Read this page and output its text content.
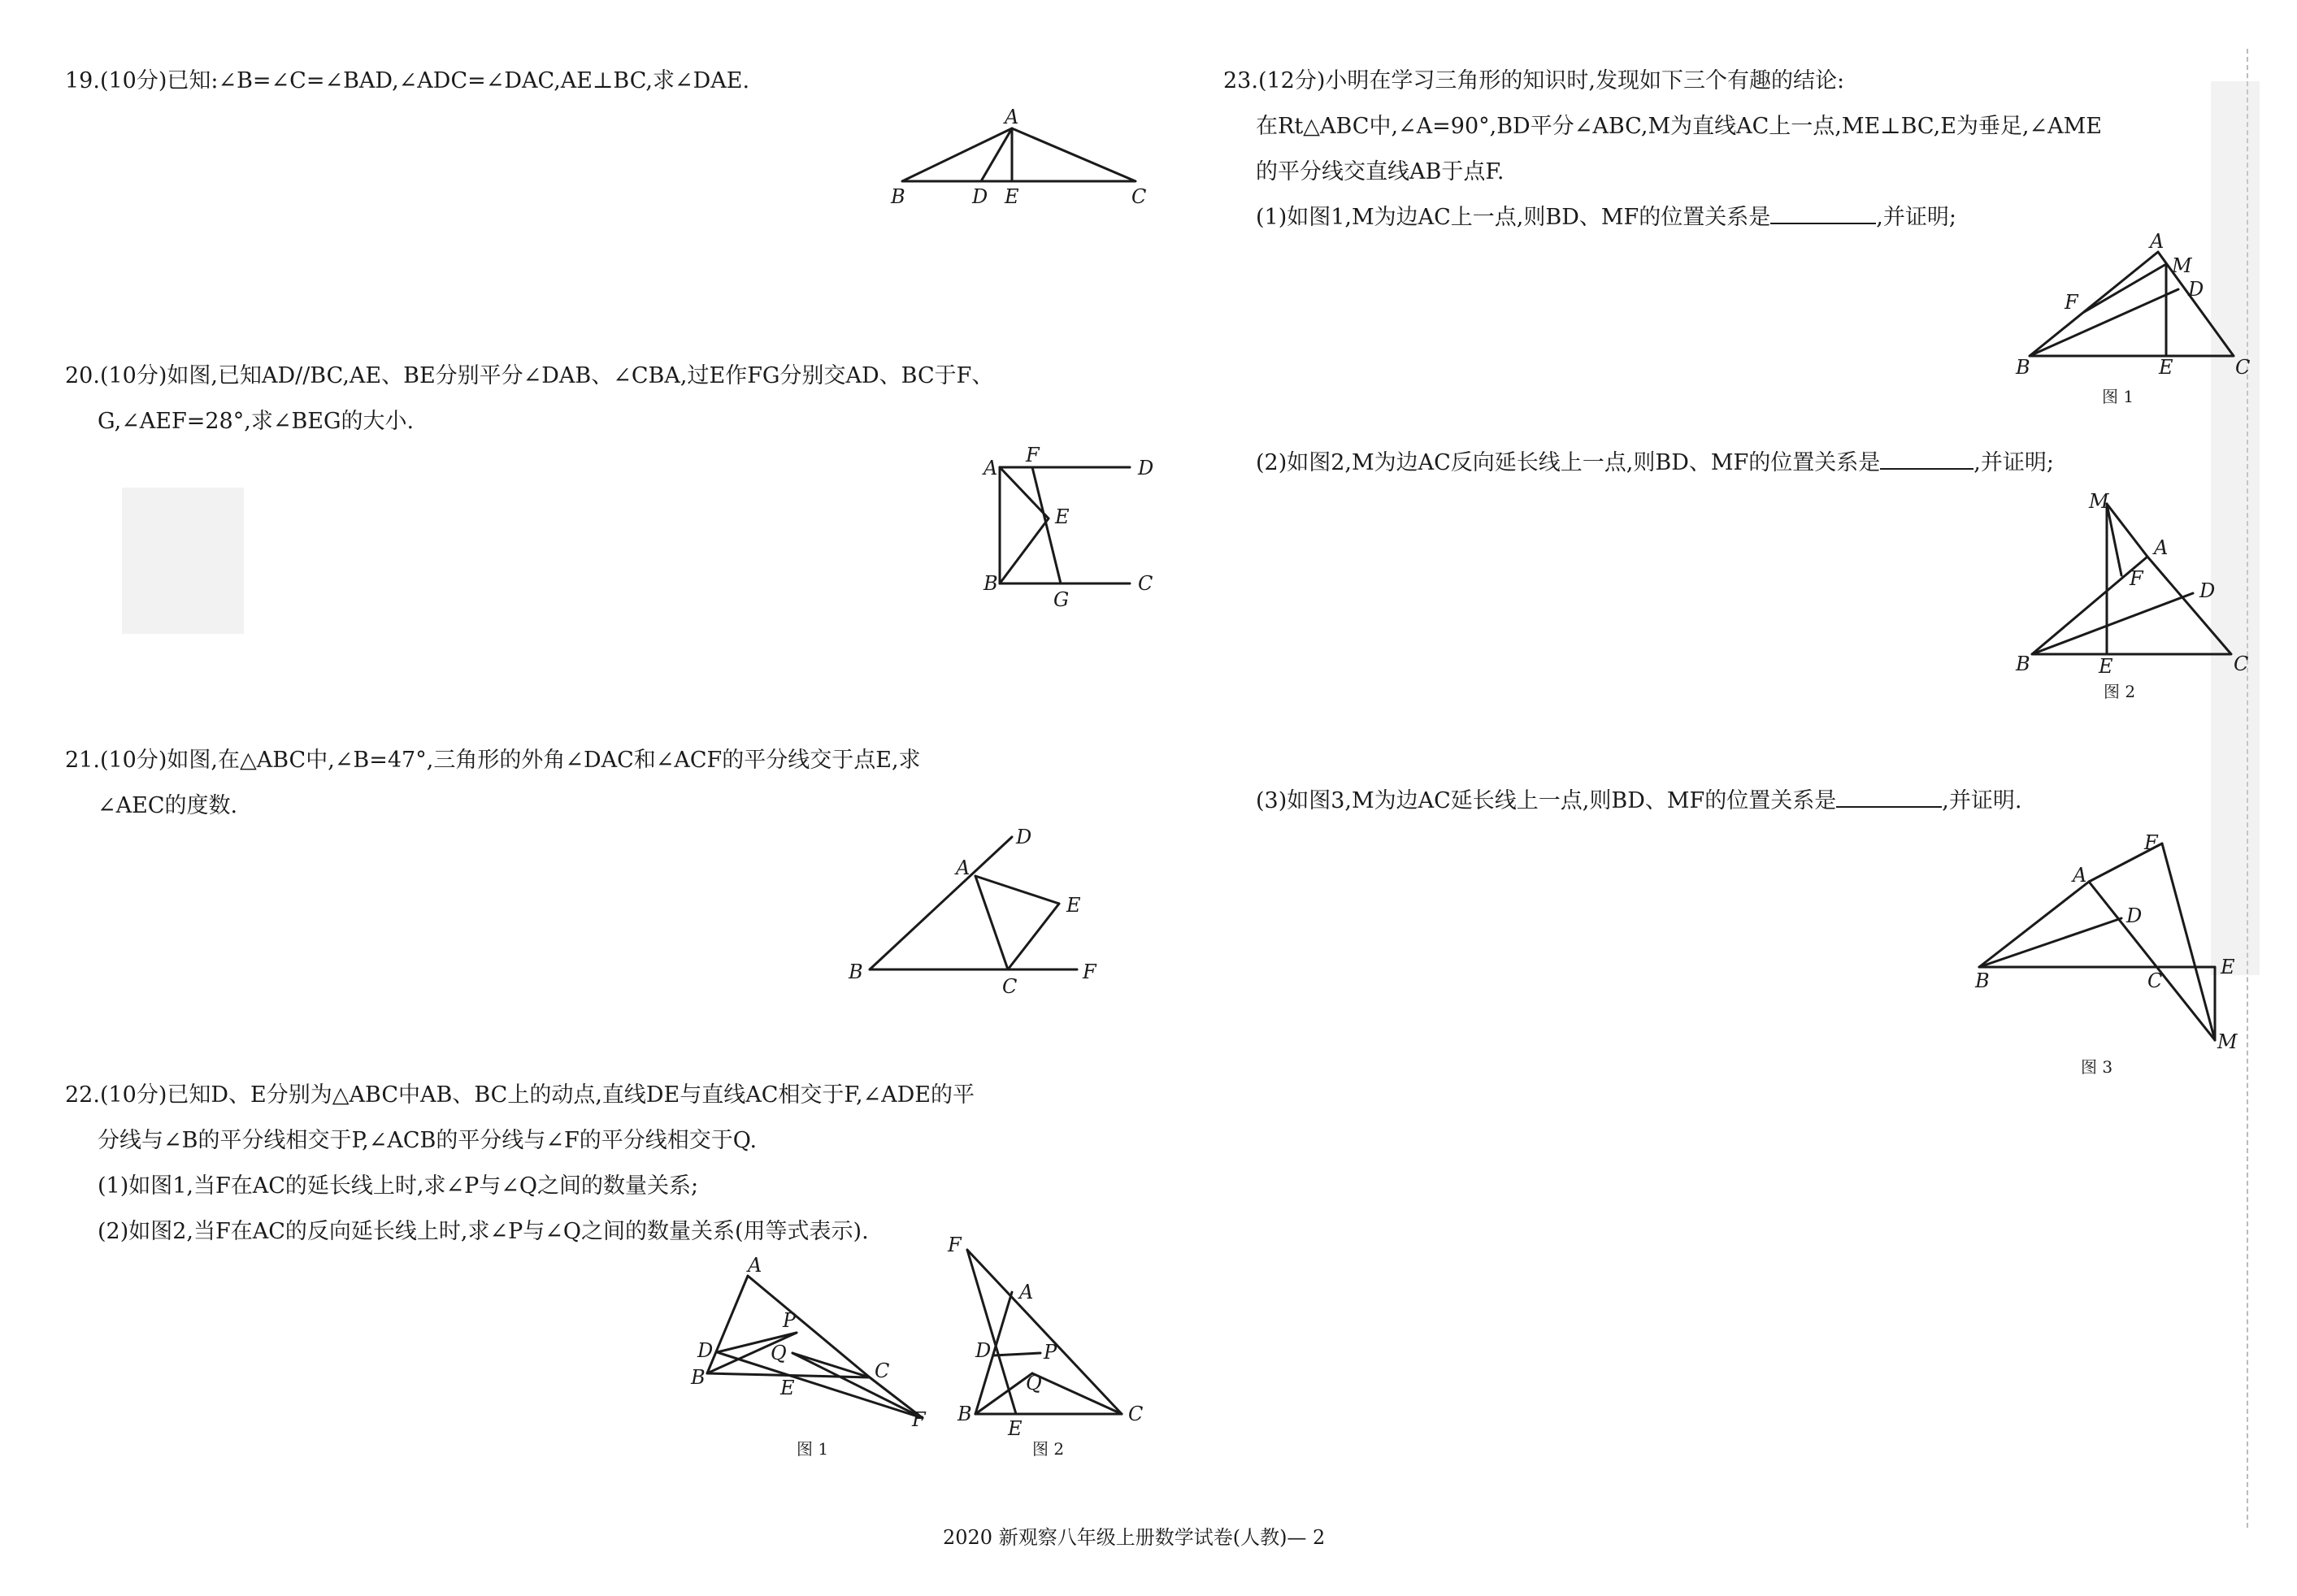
19.(10分)已知:∠B=∠C=∠BAD,∠ADC=∠DAC,AE⊥BC,求∠DAE.
A
B	D E	C
20.(10分)如图,已知AD//BC,AE、BE分别平分∠DAB、∠CBA,过E作FG分别交AD、BC于F、
G,∠AEF=28°,求∠BEG的大小.
A
F
D
E
B
G
C
21.(10分)如图,在△ABC中,∠B=47°,三角形的外角∠DAC和∠ACF的平分线交于点E,求
∠AEC的度数.
D
A
E
B
C
F
22.(10分)已知D、E分别为△ABC中AB、BC上的动点,直线DE与直线AC相交于F,∠ADE的平
分线与∠B的平分线相交于P,∠ACB的平分线与∠F的平分线相交于Q.
(1)如图1,当F在AC的延长线上时,求∠P与∠Q之间的数量关系;
(2)如图2,当F在AC的反向延长线上时,求∠P与∠Q之间的数量关系(用等式表示).
A
D
P
Q
B	E
C
F
图 1
F
A
D	P
Q
B
E
C
图 2
23.(12分)小明在学习三角形的知识时,发现如下三个有趣的结论:
在Rt△ABC中,∠A=90°,BD平分∠ABC,M为直线AC上一点,ME⊥BC,E为垂足,∠AME
的平分线交直线AB于点F.
(1)如图1,M为边AC上一点,则BD、MF的位置关系是	,并证明;
A
M
D
F
B	E	C
图 1
(2)如图2,M为边AC反向延长线上一点,则BD、MF的位置关系是	,并证明;
M
A
F
D
B	E	C
图 2
(3)如图3,M为边AC延长线上一点,则BD、MF的位置关系是	,并证明.
F
A
D
B	C
E
M
图 3
2020 新观察八年级上册数学试卷(人教)— 2
